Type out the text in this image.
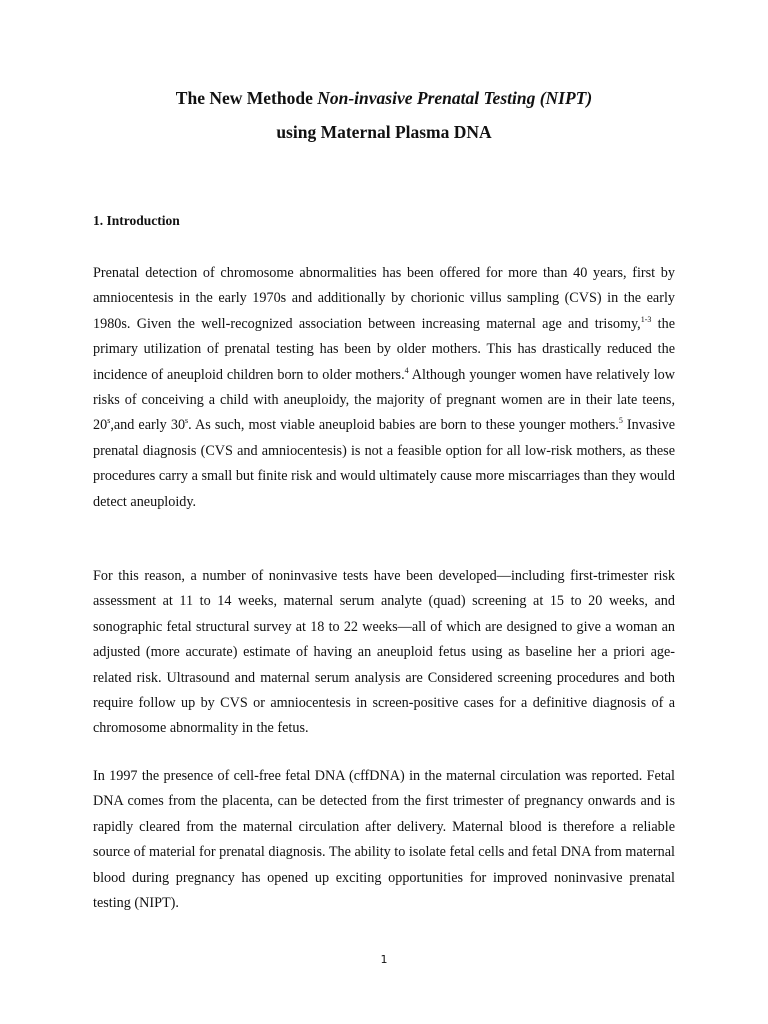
The New Methode Non-invasive Prenatal Testing (NIPT)
using Maternal Plasma DNA
1. Introduction

Prenatal detection of chromosome abnormalities has been offered for more than 40 years, first by amniocentesis in the early 1970s and additionally by chorionic villus sampling (CVS) in the early 1980s. Given the well-recognized association between increasing maternal age and trisomy,$^{1-3}$ the primary utilization of prenatal testing has been by older mothers. This has drastically reduced the incidence of aneuploid children born to older mothers.$^4$ Although younger women have relatively low risks of conceiving a child with aneuploidy, the majority of pregnant women are in their late teens, 20$^s$,and early 30$^s$. As such, most viable aneuploid babies are born to these younger mothers.$^5$ Invasive prenatal diagnosis (CVS and amniocentesis) is not a feasible option for all low-risk mothers, as these procedures carry a small but finite risk and would ultimately cause more miscarriages than they would detect aneuploidy.

For this reason, a number of noninvasive tests have been developed—including first-trimester risk assessment at 11 to 14 weeks, maternal serum analyte (quad) screening at 15 to 20 weeks, and sonographic fetal structural survey at 18 to 22 weeks—all of which are designed to give a woman an adjusted (more accurate) estimate of having an aneuploid fetus using as baseline her a priori age-related risk. Ultrasound and maternal serum analysis are Considered screening procedures and both require follow up by CVS or amniocentesis in screen-positive cases for a definitive diagnosis of a chromosome abnormality in the fetus.

In 1997 the presence of cell-free fetal DNA (cffDNA) in the maternal circulation was reported. Fetal DNA comes from the placenta, can be detected from the first trimester of pregnancy onwards and is rapidly cleared from the maternal circulation after delivery. Maternal blood is therefore a reliable source of material for prenatal diagnosis. The ability to isolate fetal cells and fetal DNA from maternal blood during pregnancy has opened up exciting opportunities for improved noninvasive prenatal testing (NIPT).

1
